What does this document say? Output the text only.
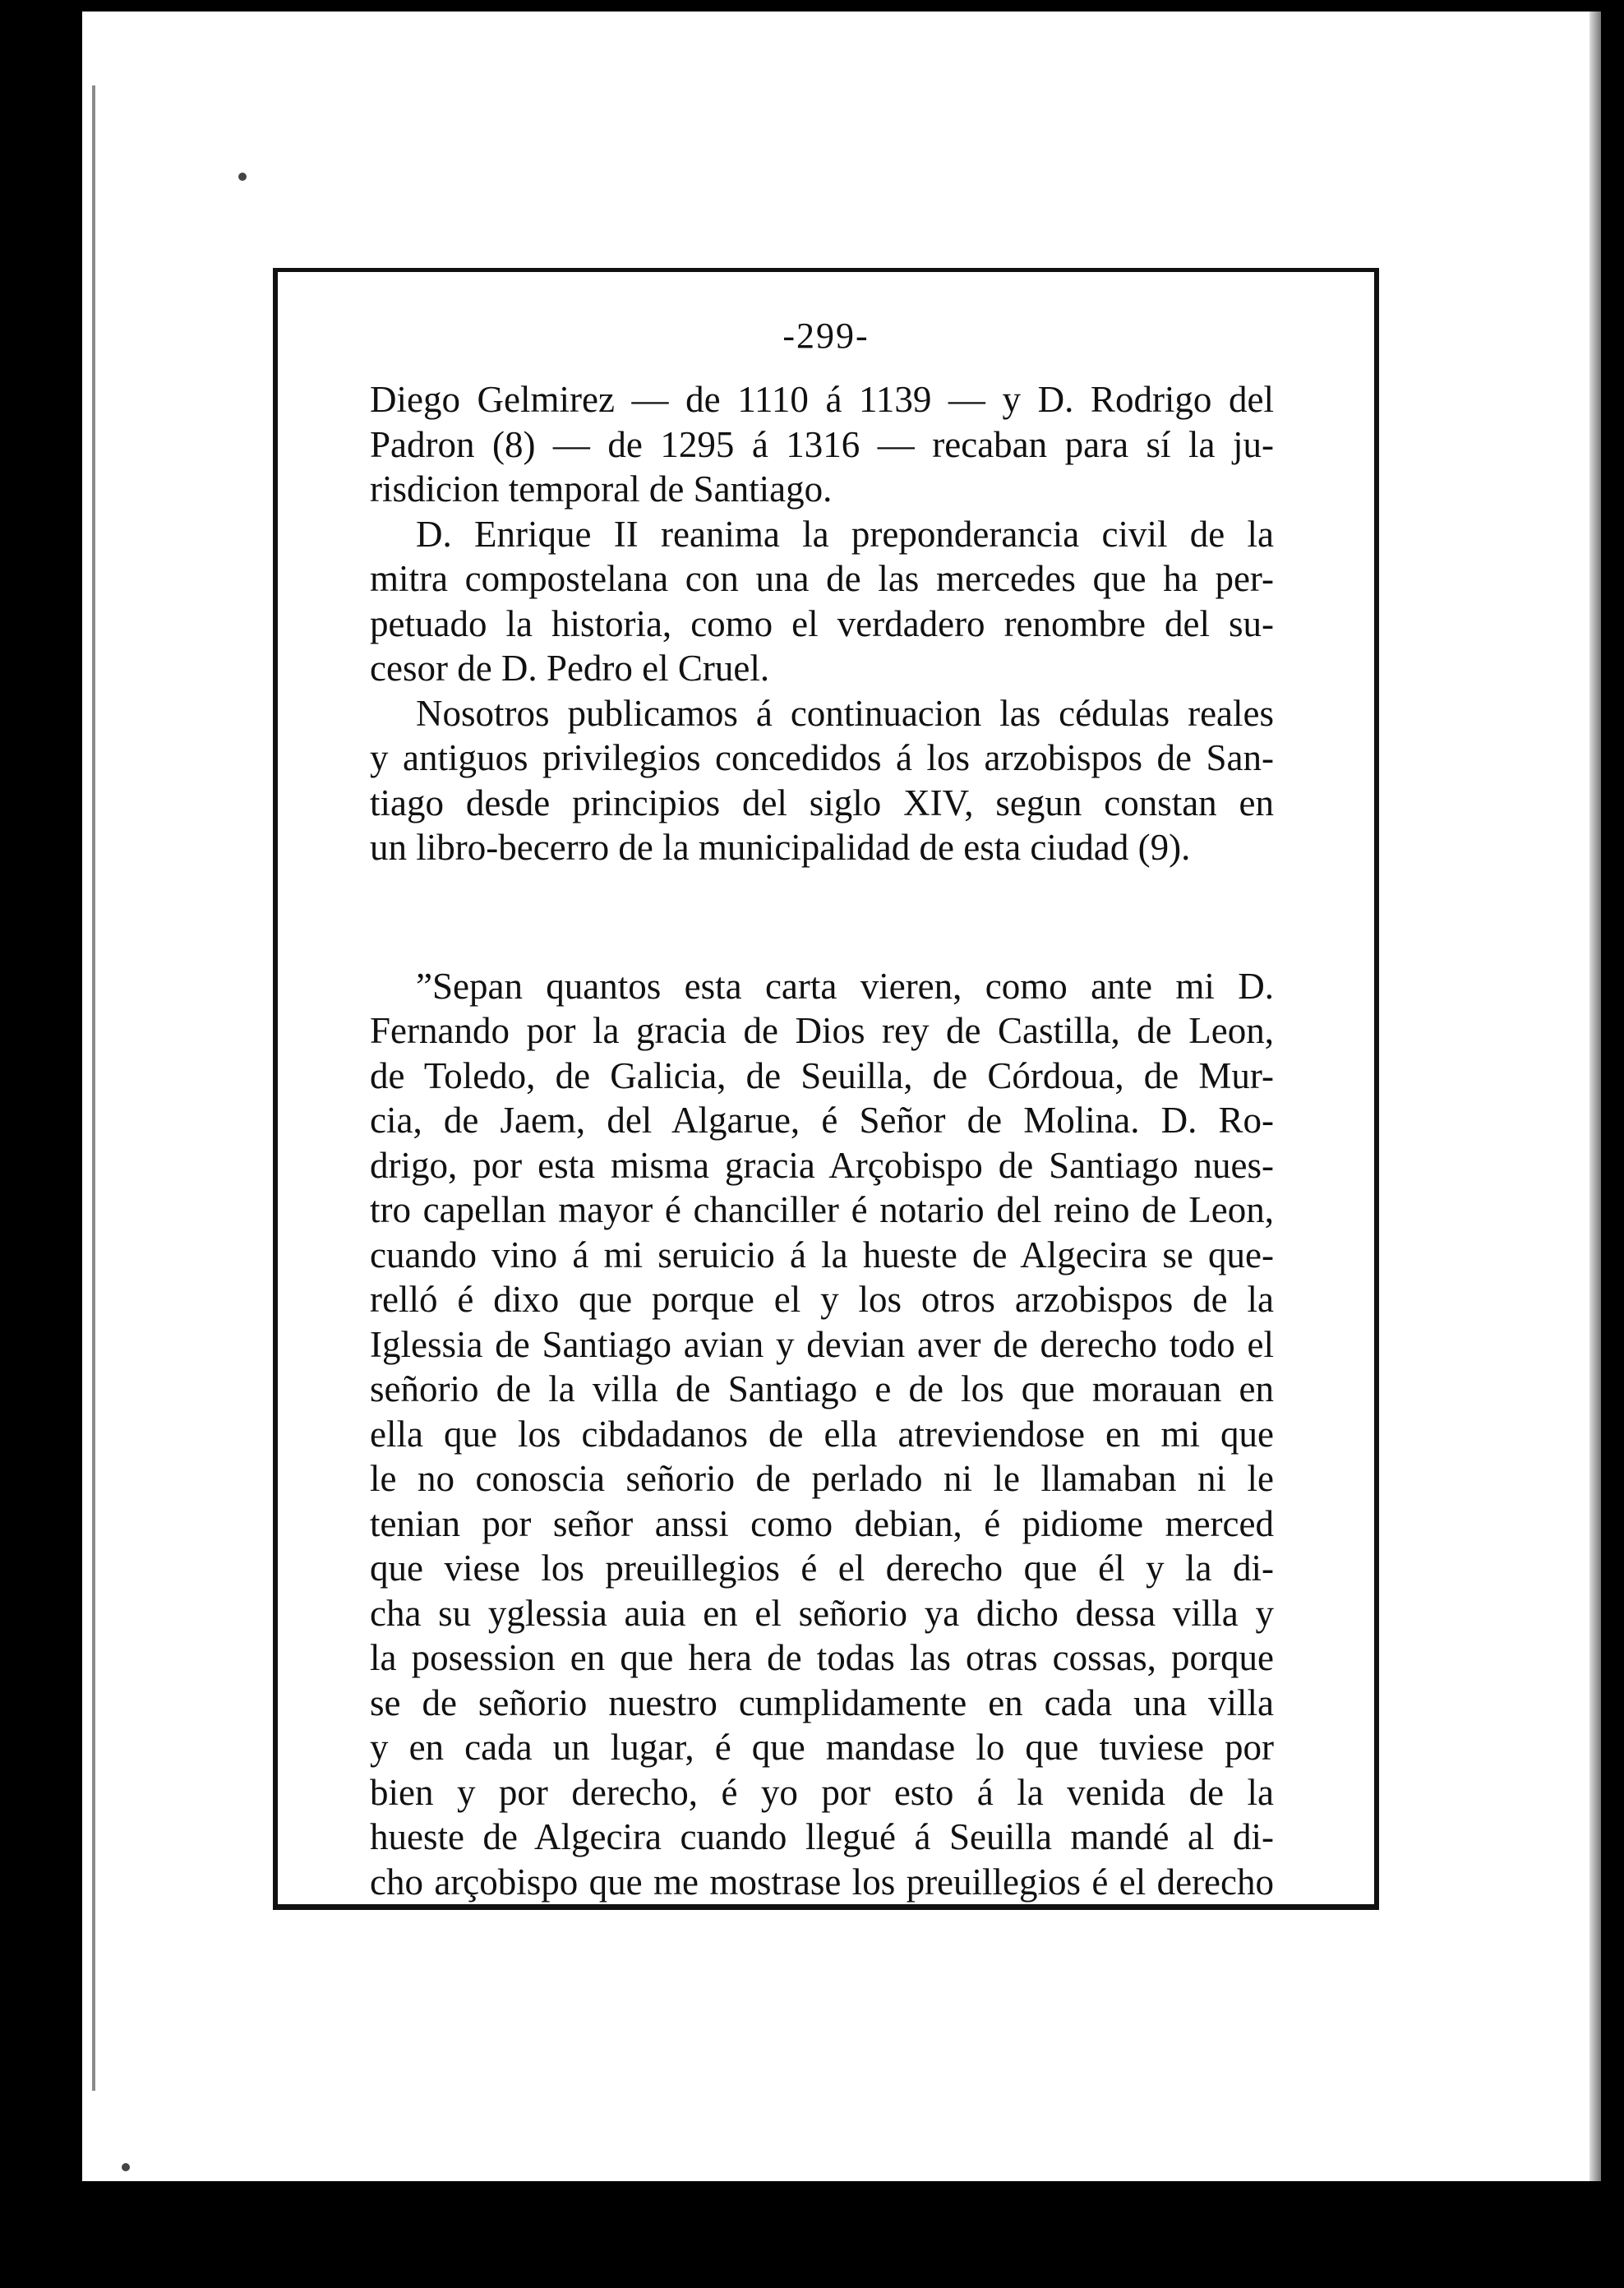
-299-
Diego Gelmirez — de 1110 á 1139 — y D. Rodrigo del
Padron (8) — de 1295 á 1316 — recaban para sí la ju-
risdicion temporal de Santiago.
D. Enrique II reanima la preponderancia civil de la
mitra compostelana con una de las mercedes que ha per-
petuado la historia, como el verdadero renombre del su-
cesor de D. Pedro el Cruel.
Nosotros publicamos á continuacion las cédulas reales
y antiguos privilegios concedidos á los arzobispos de San-
tiago desde principios del siglo XIV, segun constan en
un libro-becerro de la municipalidad de esta ciudad (9).
”Sepan quantos esta carta vieren, como ante mi D.
Fernando por la gracia de Dios rey de Castilla, de Leon,
de Toledo, de Galicia, de Seuilla, de Córdoua, de Mur-
cia, de Jaem, del Algarue, é Señor de Molina. D. Ro-
drigo, por esta misma gracia Arçobispo de Santiago nues-
tro capellan mayor é chanciller é notario del reino de Leon,
cuando vino á mi seruicio á la hueste de Algecira se que-
relló é dixo que porque el y los otros arzobispos de la
Iglessia de Santiago avian y devian aver de derecho todo el
señorio de la villa de Santiago e de los que morauan en
ella que los cibdadanos de ella atreviendose en mi que
le no conoscia señorio de perlado ni le llamaban ni le
tenian por señor anssi como debian, é pidiome merced
que viese los preuillegios é el derecho que él y la di-
cha su yglessia auia en el señorio ya dicho dessa villa y
la posession en que hera de todas las otras cossas, porque
se de señorio nuestro cumplidamente en cada una villa
y en cada un lugar, é que mandase lo que tuviese por
bien y por derecho, é yo por esto á la venida de la
hueste de Algecira cuando llegué á Seuilla mandé al di-
cho arçobispo que me mostrase los preuillegios é el derecho
